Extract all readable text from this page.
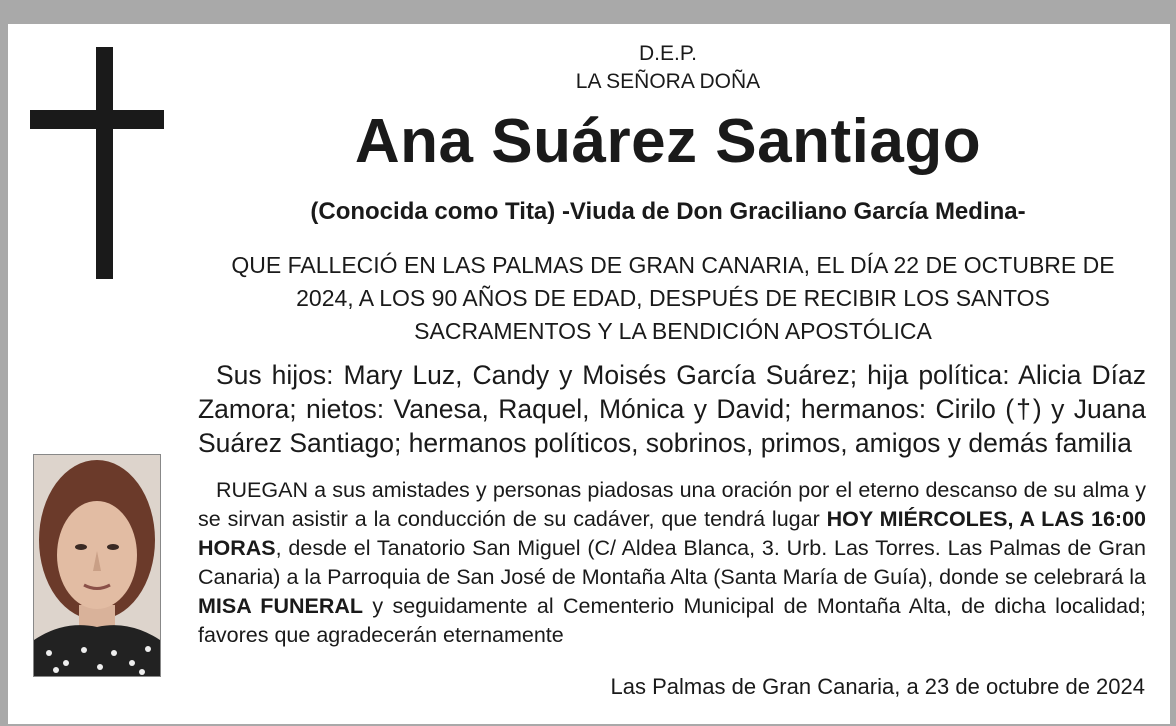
D.E.P.
LA SEÑORA DOÑA
Ana Suárez Santiago
(Conocida como Tita) -Viuda de Don Graciliano García Medina-
QUE FALLECIÓ EN LAS PALMAS DE GRAN CANARIA, EL DÍA 22 DE OCTUBRE DE 2024, A LOS 90 AÑOS DE EDAD, DESPUÉS DE RECIBIR LOS SANTOS SACRAMENTOS Y LA BENDICIÓN APOSTÓLICA
Sus hijos: Mary Luz, Candy y Moisés García Suárez; hija política: Alicia Díaz Zamora; nietos: Vanesa, Raquel, Mónica y David; hermanos: Cirilo (†) y Juana Suárez Santiago; hermanos políticos, sobrinos, primos, amigos y demás familia
RUEGAN a sus amistades y personas piadosas una oración por el eterno descanso de su alma y se sirvan asistir a la conducción de su cadáver, que tendrá lugar HOY MIÉRCOLES, A LAS 16:00 HORAS, desde el Tanatorio San Miguel (C/ Aldea Blanca, 3. Urb. Las Torres. Las Palmas de Gran Canaria) a la Parroquia de San José de Montaña Alta (Santa María de Guía), donde se celebrará la MISA FUNERAL y seguidamente al Cementerio Municipal de Montaña Alta, de dicha localidad; favores que agradecerán eternamente
Las Palmas de Gran Canaria, a 23 de octubre de 2024
